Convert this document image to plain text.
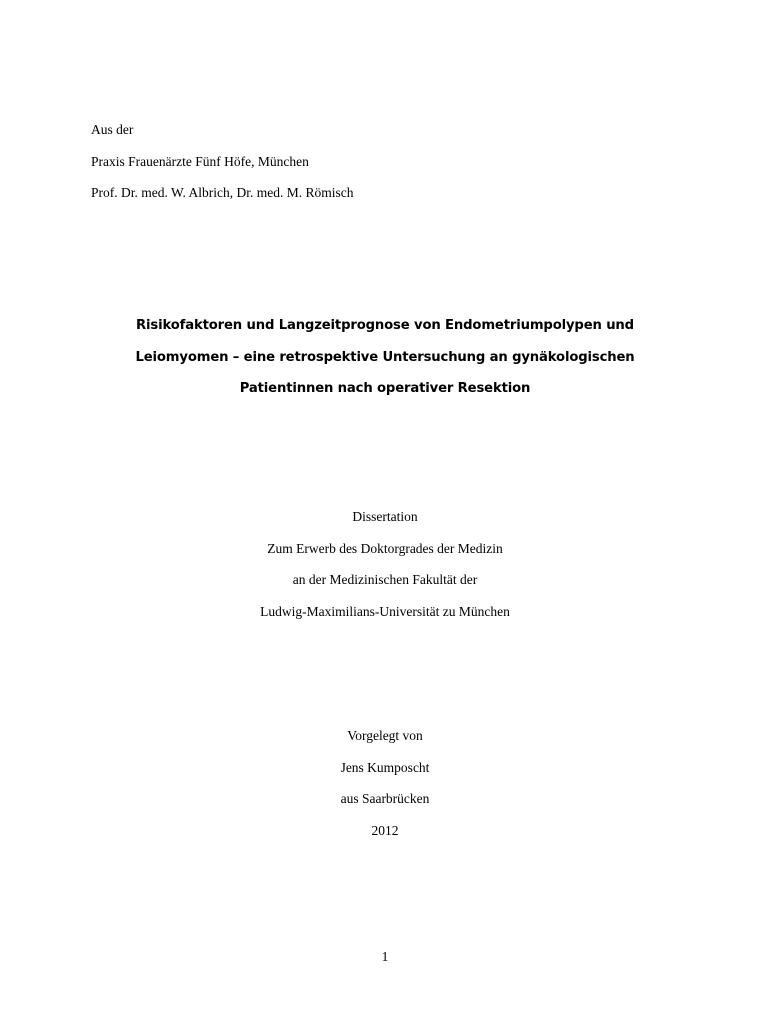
Aus der
Praxis Frauenärzte Fünf Höfe, München
Prof. Dr. med. W. Albrich, Dr. med. M. Römisch
Risikofaktoren und Langzeitprognose von Endometriumpolypen und
Leiomyomen – eine retrospektive Untersuchung an gynäkologischen
Patientinnen nach operativer Resektion
Dissertation
Zum Erwerb des Doktorgrades der Medizin
an der Medizinischen Fakultät der
Ludwig-Maximilians-Universität zu München
Vorgelegt von
Jens Kumposcht
aus Saarbrücken
2012
1
